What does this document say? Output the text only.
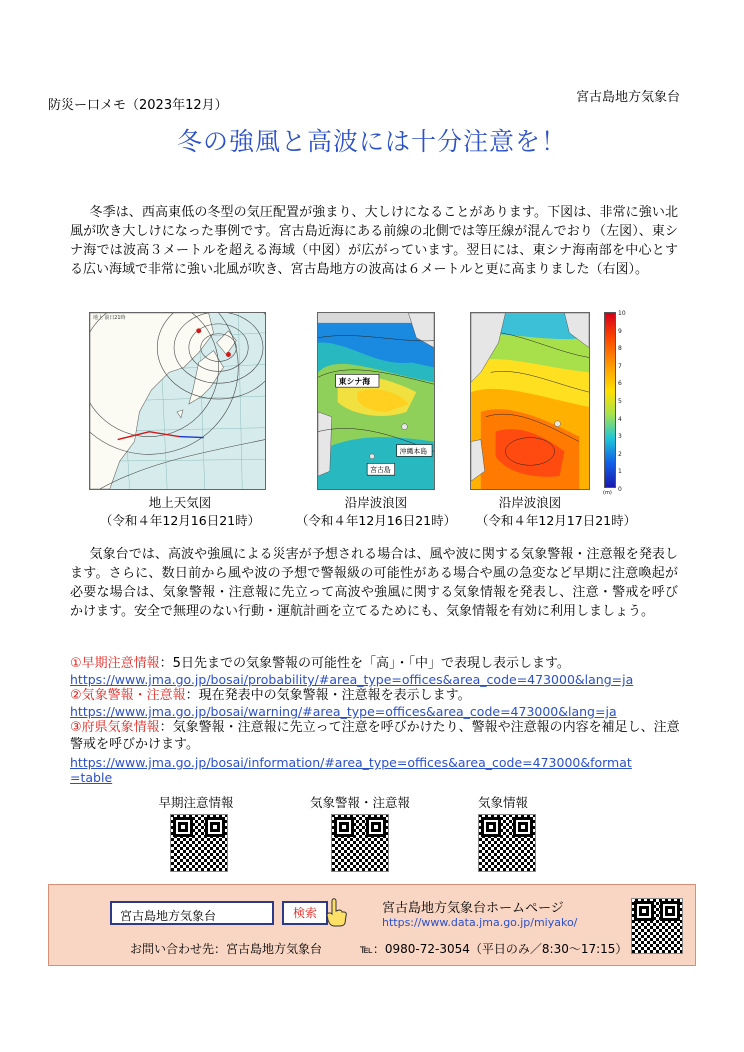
防災ー口メモ（2023年12月）
宮古島地方気象台
冬の強風と高波には十分注意を！
冬季は、西高東低の冬型の気圧配置が強まり、大しけになることがあります。下図は、非常に強い北風が吹き大しけになった事例です。宮古島近海にある前線の北側では等圧線が混んでおり（左図）、東シナ海では波高３メートルを超える海域（中図）が広がっています。翌日には、東シナ海南部を中心とする広い海域で非常に強い北風が吹き、宮古島地方の波高は６メートルと更に高まりました（右図）。
地上 前日21時
東シナ海
沖縄本島
宮古島
10
9
8
7
6
5
4
3
2
1
0
(m)
地上天気図
（令和４年12月16日21時）
沿岸波浪図
（令和４年12月16日21時）
沿岸波浪図
（令和４年12月17日21時）
気象台では、高波や強風による災害が予想される場合は、風や波に関する気象警報・注意報を発表します。さらに、数日前から風や波の予想で警報級の可能性がある場合や風の急変など早期に注意喚起が必要な場合は、気象警報・注意報に先立って高波や強風に関する気象情報を発表し、注意・警戒を呼びかけます。安全で無理のない行動・運航計画を立てるためにも、気象情報を有効に利用しましょう。
①早期注意情報：5日先までの気象警報の可能性を「高」・「中」で表現し表示します。
https://www.jma.go.jp/bosai/probability/#area_type=offices&area_code=473000&lang=ja
②気象警報・注意報：現在発表中の気象警報・注意報を表示します。
https://www.jma.go.jp/bosai/warning/#area_type=offices&area_code=473000&lang=ja
③府県気象情報：気象警報・注意報に先立って注意を呼びかけたり、警報や注意報の内容を補足し、注意警戒を呼びかけます。
https://www.jma.go.jp/bosai/information/#area_type=offices&area_code=473000&format
=table
早期注意情報	気象警報・注意報	気象情報
宮古島地方気象台	検索	宮古島地方気象台ホームページ
https://www.data.jma.go.jp/miyako/
お問い合わせ先：宮古島地方気象台	℡：0980-72-3054（平日のみ／8:30～17:15）
